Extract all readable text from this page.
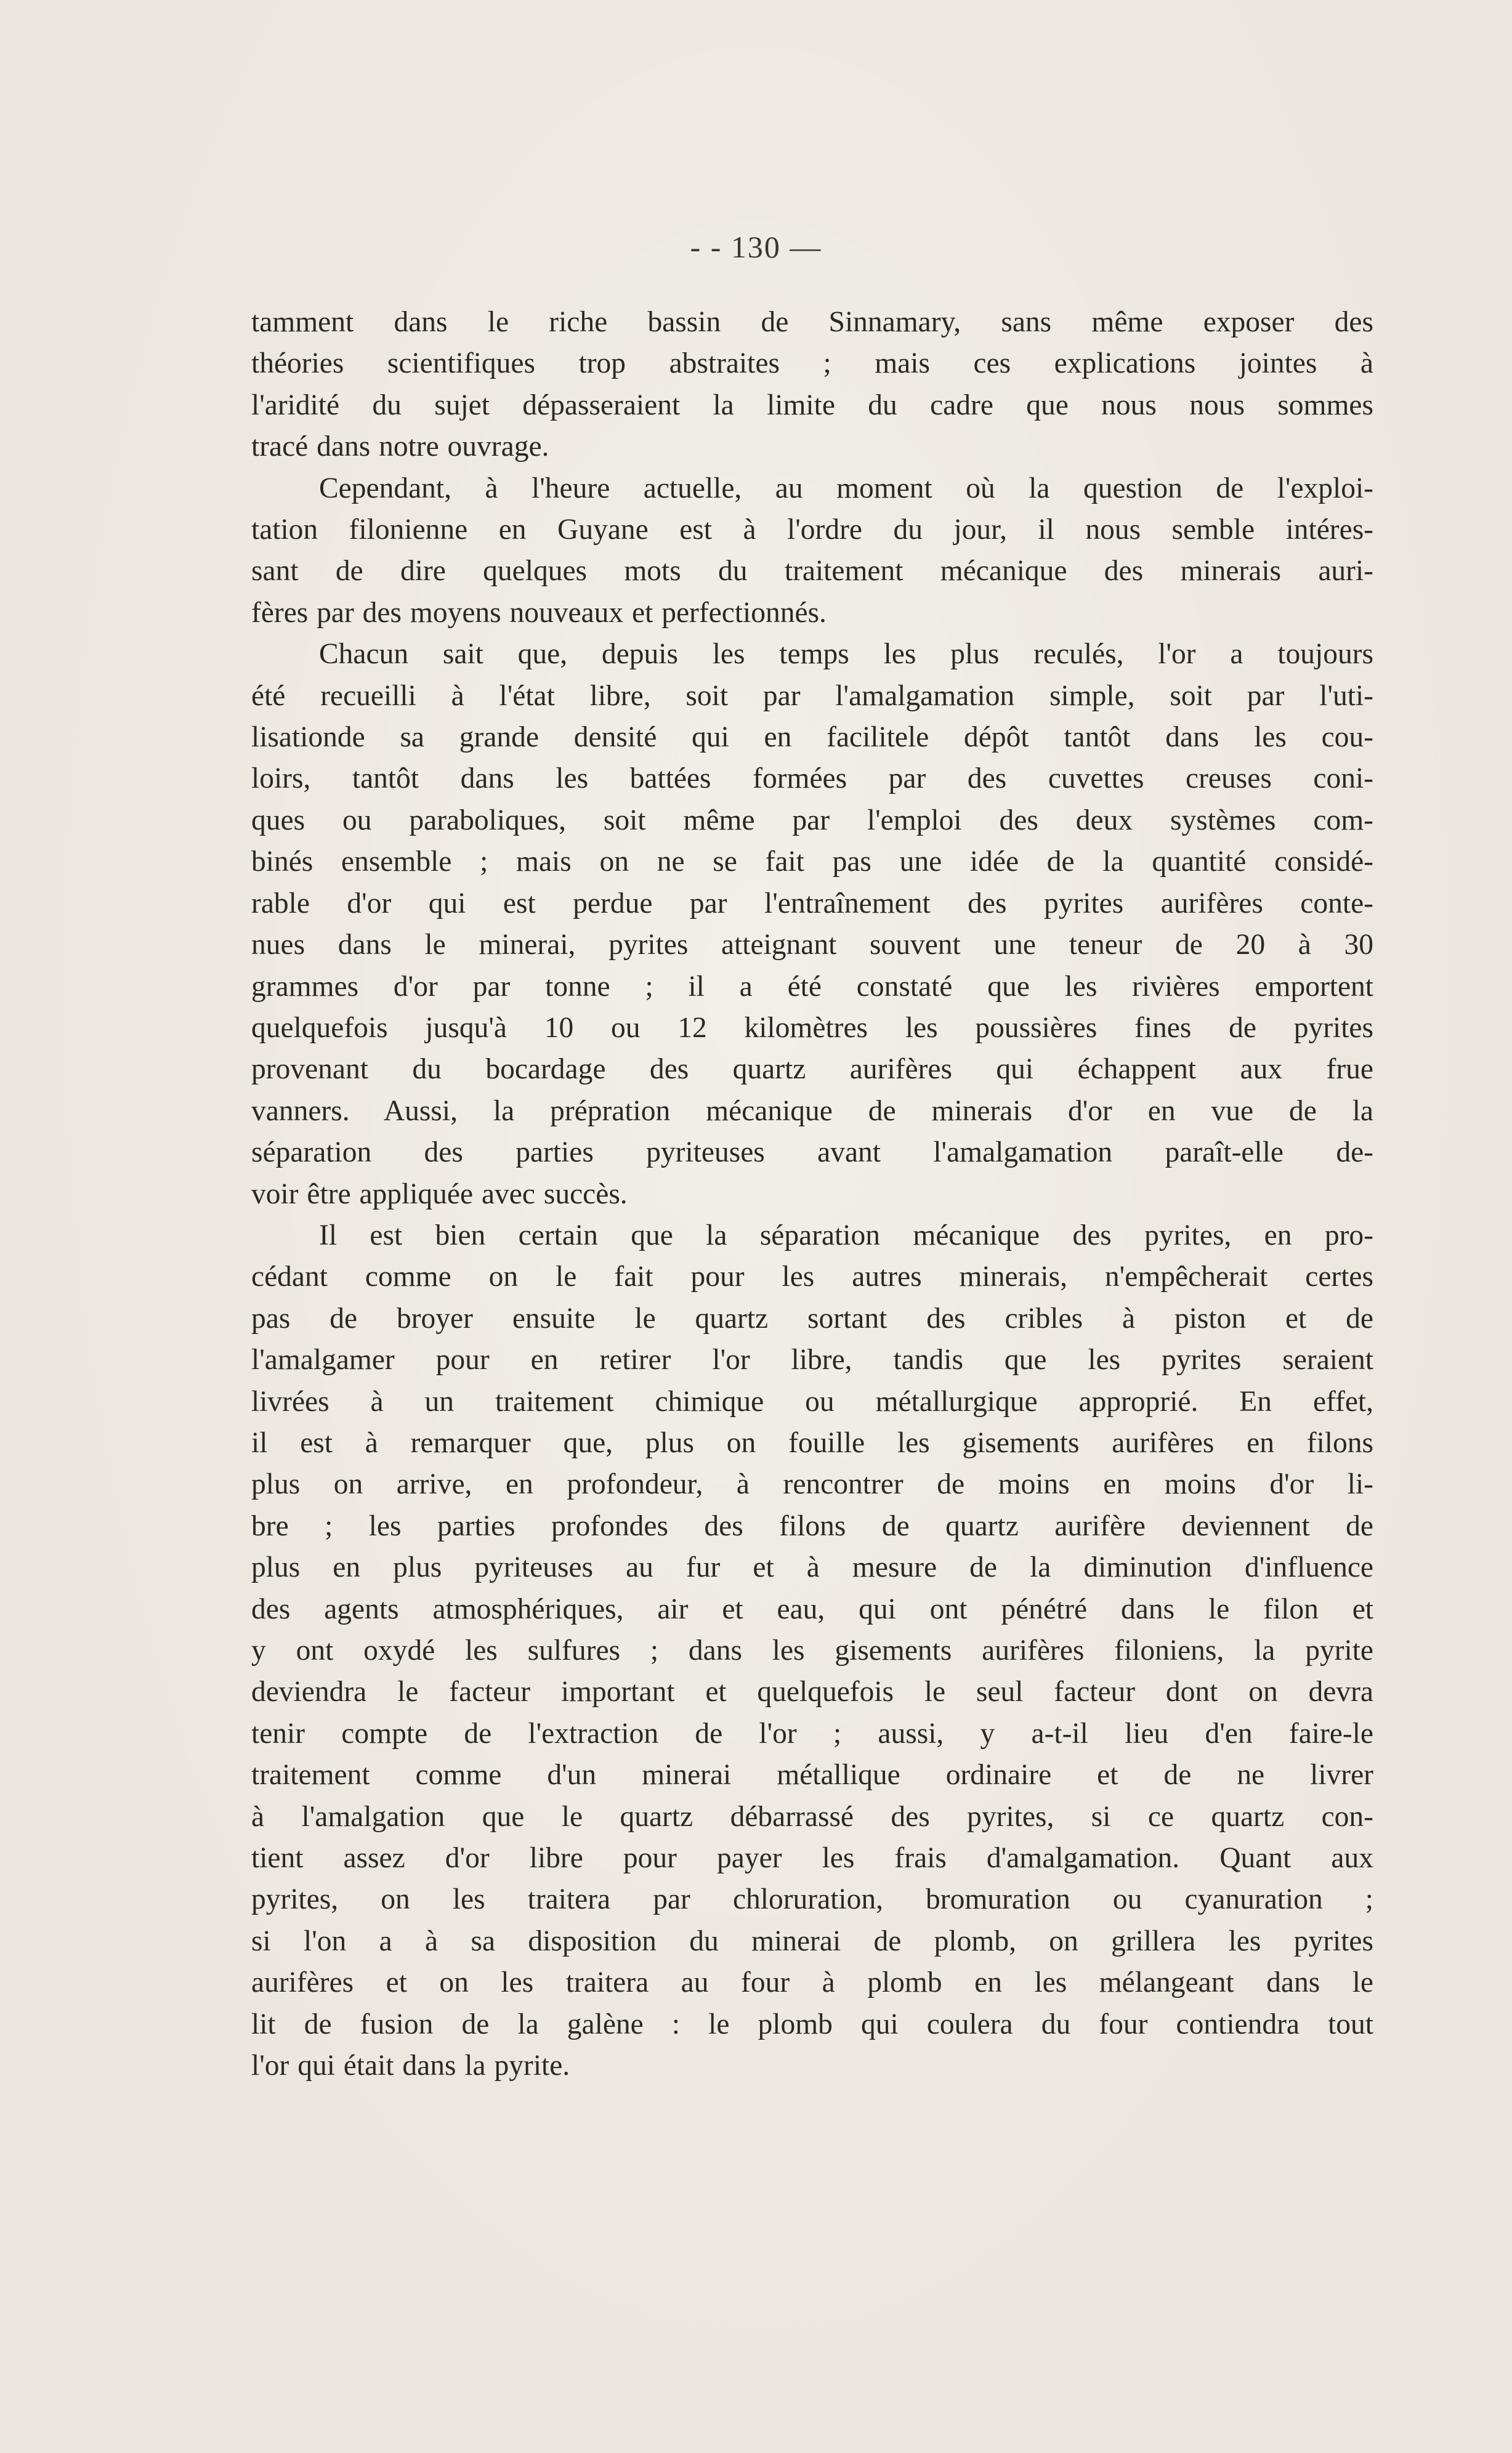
- - 130 —

tamment dans le riche bassin de Sinnamary, sans même exposer des
théories scientifiques trop abstraites ; mais ces explications jointes à
l'aridité du sujet dépasseraient la limite du cadre que nous nous sommes
tracé dans notre ouvrage.

Cependant, à l'heure actuelle, au moment où la question de l'exploi-
tation filonienne en Guyane est à l'ordre du jour, il nous semble intéres-
sant de dire quelques mots du traitement mécanique des minerais auri-
fères par des moyens nouveaux et perfectionnés.

Chacun sait que, depuis les temps les plus reculés, l'or a toujours
été recueilli à l'état libre, soit par l'amalgamation simple, soit par l'uti-
lisationde sa grande densité qui en facilitele dépôt tantôt dans les cou-
loirs, tantôt dans les battées formées par des cuvettes creuses coni-
ques ou paraboliques, soit même par l'emploi des deux systèmes com-
binés ensemble ; mais on ne se fait pas une idée de la quantité considé-
rable d'or qui est perdue par l'entraînement des pyrites aurifères conte-
nues dans le minerai, pyrites atteignant souvent une teneur de 20 à 30
grammes d'or par tonne ; il a été constaté que les rivières emportent
quelquefois jusqu'à 10 ou 12 kilomètres les poussières fines de pyrites
provenant du bocardage des quartz aurifères qui échappent aux frue
vanners. Aussi, la prépration mécanique de minerais d'or en vue de la
séparation des parties pyriteuses avant l'amalgamation paraît-elle de-
voir être appliquée avec succès.

Il est bien certain que la séparation mécanique des pyrites, en pro-
cédant comme on le fait pour les autres minerais, n'empêcherait certes
pas de broyer ensuite le quartz sortant des cribles à piston et de
l'amalgamer pour en retirer l'or libre, tandis que les pyrites seraient
livrées à un traitement chimique ou métallurgique approprié. En effet,
il est à remarquer que, plus on fouille les gisements aurifères en filons
plus on arrive, en profondeur, à rencontrer de moins en moins d'or li-
bre ; les parties profondes des filons de quartz aurifère deviennent de
plus en plus pyriteuses au fur et à mesure de la diminution d'influence
des agents atmosphériques, air et eau, qui ont pénétré dans le filon et
y ont oxydé les sulfures ; dans les gisements aurifères filoniens, la pyrite
deviendra le facteur important et quelquefois le seul facteur dont on devra
tenir compte de l'extraction de l'or ; aussi, y a-t-il lieu d'en faire-le
traitement comme d'un minerai métallique ordinaire et de ne livrer
à l'amalgation que le quartz débarrassé des pyrites, si ce quartz con-
tient assez d'or libre pour payer les frais d'amalgamation. Quant aux
pyrites, on les traitera par chloruration, bromuration ou cyanuration ;
si l'on a à sa disposition du minerai de plomb, on grillera les pyrites
aurifères et on les traitera au four à plomb en les mélangeant dans le
lit de fusion de la galène : le plomb qui coulera du four contiendra tout
l'or qui était dans la pyrite.
